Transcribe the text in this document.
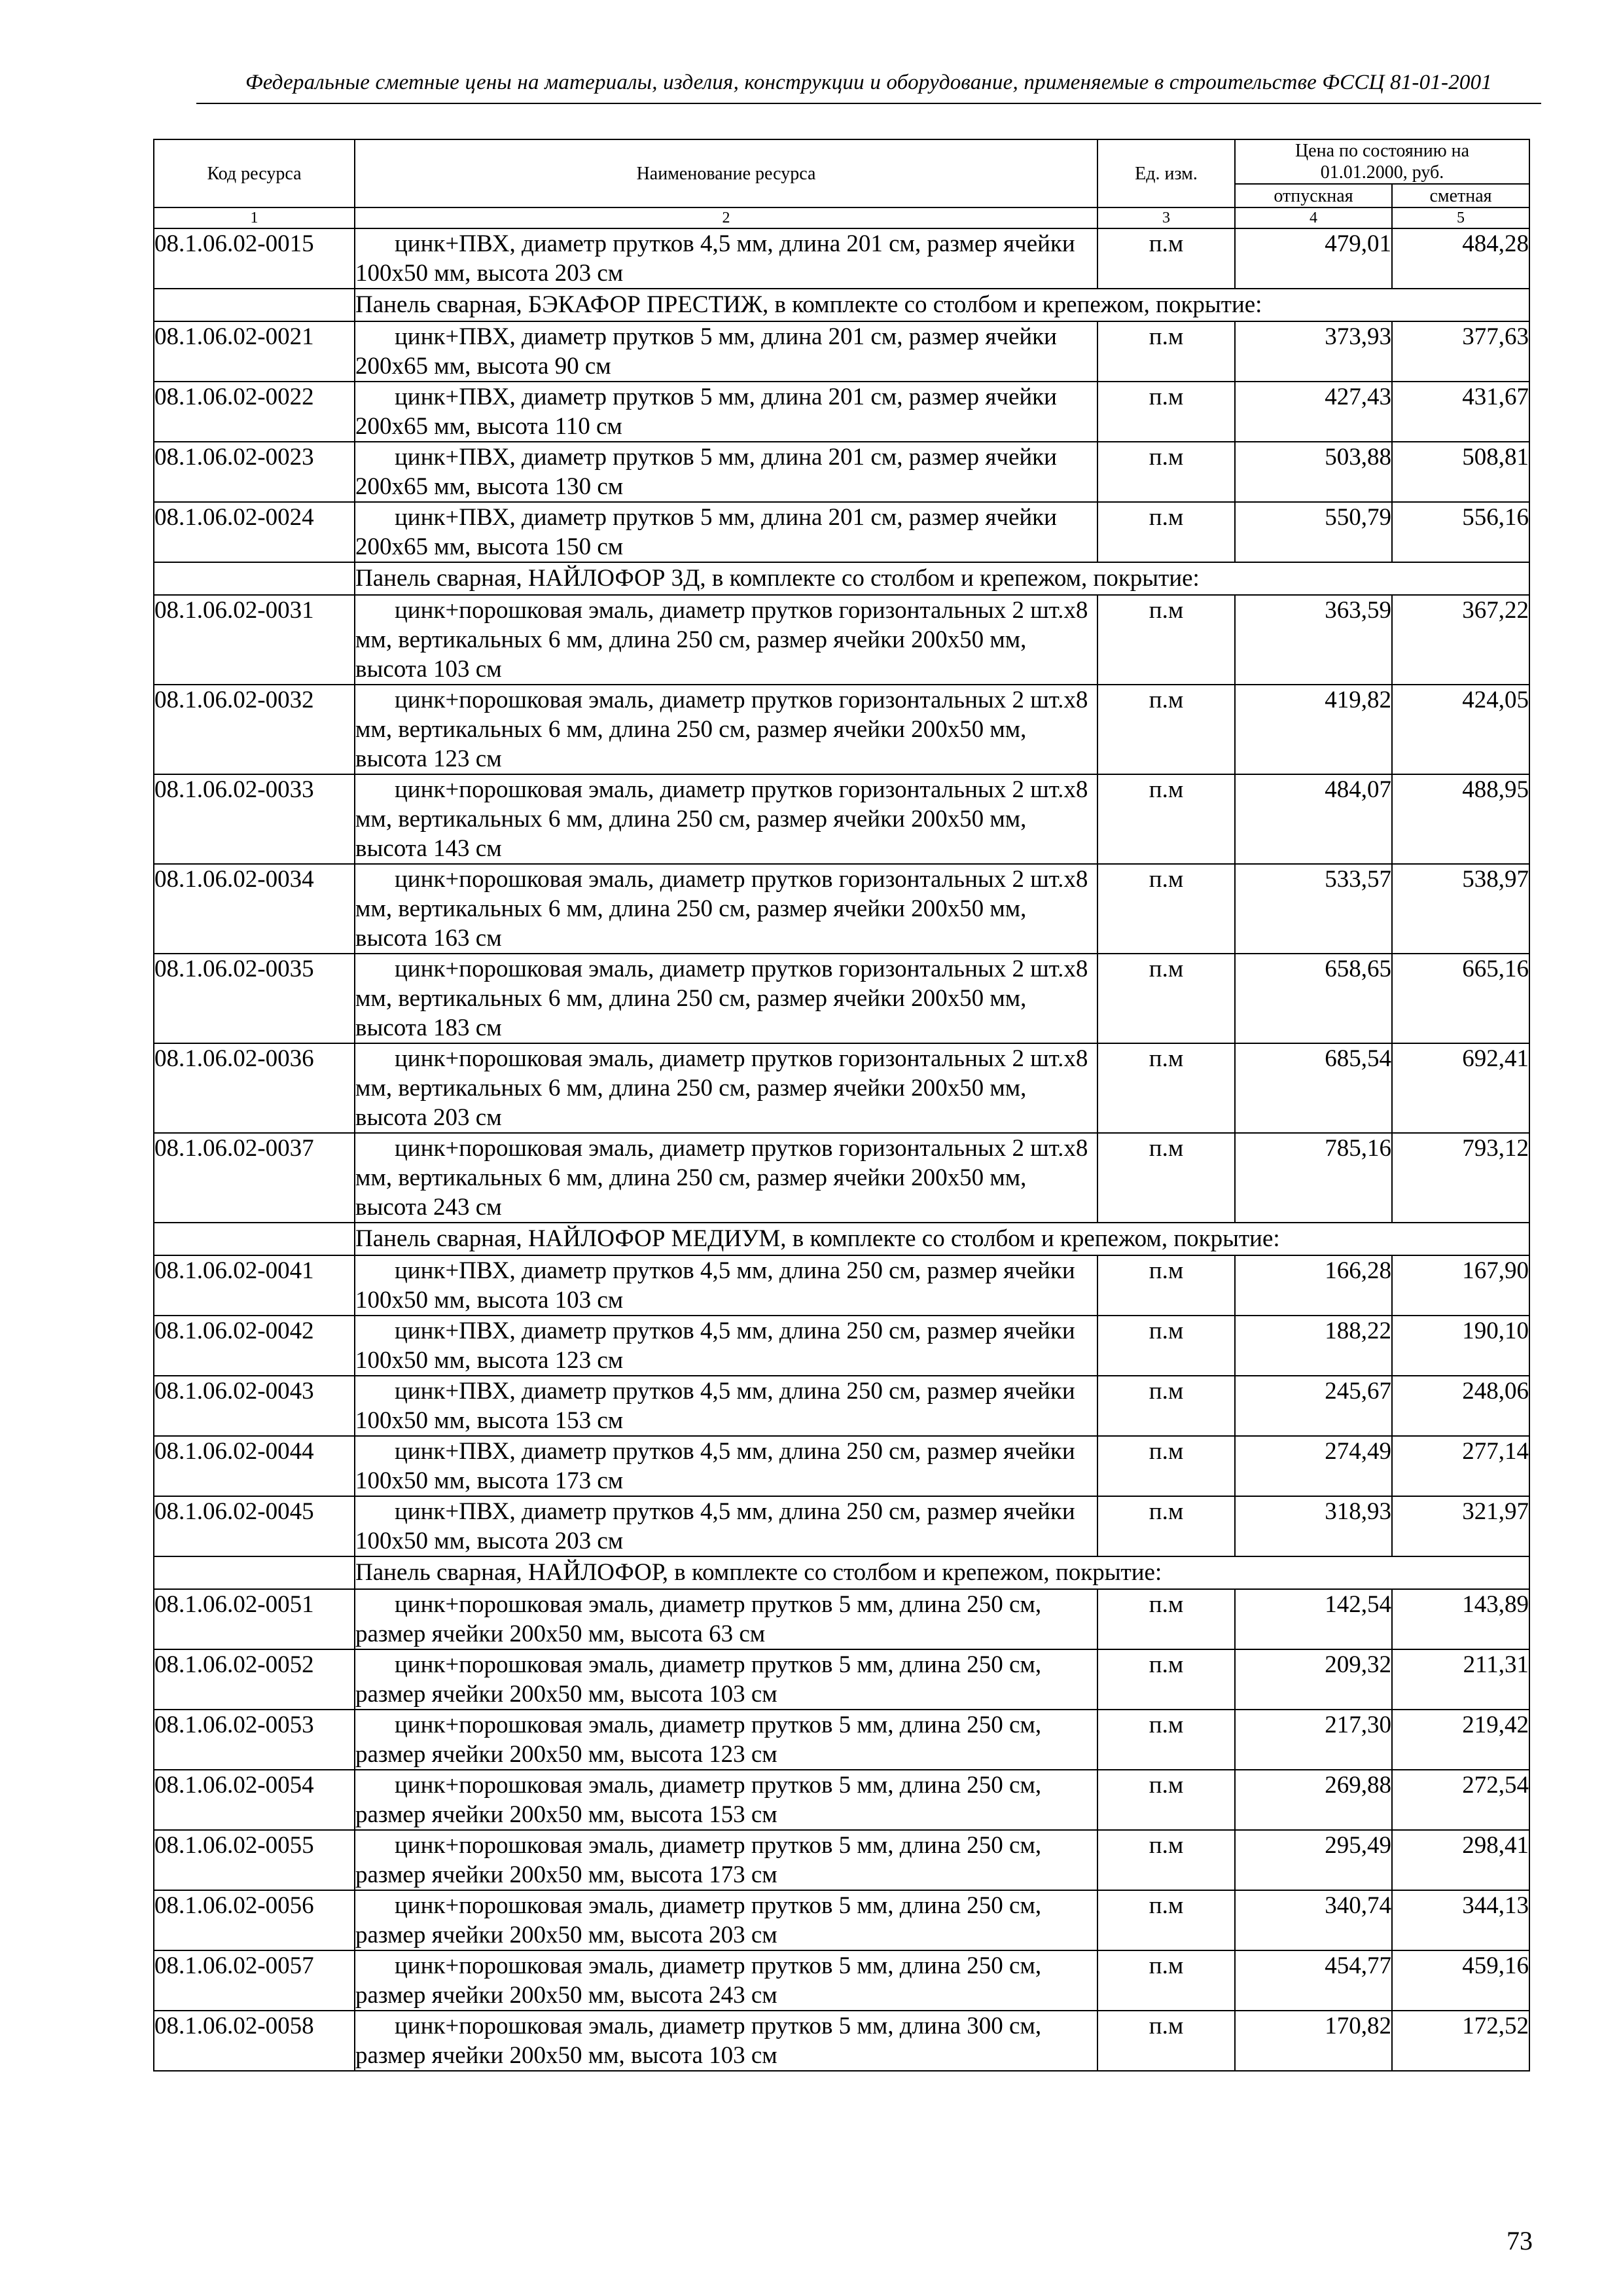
Федеральные сметные цены на материалы, изделия, конструкции и оборудование, применяемые в строительстве ФССЦ 81-01-2001
Код ресурса	Наименование ресурса	Ед. изм.	Цена по состоянию на 01.01.2000, руб.	

			отпускная	сметная
1	2	3	4	5
08.1.06.02-0015	цинк+ПВХ, диаметр прутков 4,5 мм, длина 201 см, размер ячейки 100х50 мм, высота 203 см	п.м	479,01	484,28
	Панель сварная, БЭКАФОР ПРЕСТИЖ, в комплекте со столбом и крепежом, покрытие:			
08.1.06.02-0021	цинк+ПВХ, диаметр прутков 5 мм, длина 201 см, размер ячейки 200х65 мм, высота 90 см	п.м	373,93	377,63
08.1.06.02-0022	цинк+ПВХ, диаметр прутков 5 мм, длина 201 см, размер ячейки 200х65 мм, высота 110 см	п.м	427,43	431,67
08.1.06.02-0023	цинк+ПВХ, диаметр прутков 5 мм, длина 201 см, размер ячейки 200х65 мм, высота 130 см	п.м	503,88	508,81
08.1.06.02-0024	цинк+ПВХ, диаметр прутков 5 мм, длина 201 см, размер ячейки 200х65 мм, высота 150 см	п.м	550,79	556,16
	Панель сварная, НАЙЛОФОР 3Д, в комплекте со столбом и крепежом, покрытие:			
08.1.06.02-0031	цинк+порошковая эмаль, диаметр прутков горизонтальных 2 шт.х8 мм, вертикальных 6 мм, длина 250 см, размер ячейки 200х50 мм, высота 103 см	п.м	363,59	367,22
08.1.06.02-0032	цинк+порошковая эмаль, диаметр прутков горизонтальных 2 шт.х8 мм, вертикальных 6 мм, длина 250 см, размер ячейки 200х50 мм, высота 123 см	п.м	419,82	424,05
08.1.06.02-0033	цинк+порошковая эмаль, диаметр прутков горизонтальных 2 шт.х8 мм, вертикальных 6 мм, длина 250 см, размер ячейки 200х50 мм, высота 143 см	п.м	484,07	488,95
08.1.06.02-0034	цинк+порошковая эмаль, диаметр прутков горизонтальных 2 шт.х8 мм, вертикальных 6 мм, длина 250 см, размер ячейки 200х50 мм, высота 163 см	п.м	533,57	538,97
08.1.06.02-0035	цинк+порошковая эмаль, диаметр прутков горизонтальных 2 шт.х8 мм, вертикальных 6 мм, длина 250 см, размер ячейки 200х50 мм, высота 183 см	п.м	658,65	665,16
08.1.06.02-0036	цинк+порошковая эмаль, диаметр прутков горизонтальных 2 шт.х8 мм, вертикальных 6 мм, длина 250 см, размер ячейки 200х50 мм, высота 203 см	п.м	685,54	692,41
08.1.06.02-0037	цинк+порошковая эмаль, диаметр прутков горизонтальных 2 шт.х8 мм, вертикальных 6 мм, длина 250 см, размер ячейки 200х50 мм, высота 243 см	п.м	785,16	793,12
	Панель сварная, НАЙЛОФОР МЕДИУМ, в комплекте со столбом и крепежом, покрытие:			
08.1.06.02-0041	цинк+ПВХ, диаметр прутков 4,5 мм, длина 250 см, размер ячейки 100х50 мм, высота 103 см	п.м	166,28	167,90
08.1.06.02-0042	цинк+ПВХ, диаметр прутков 4,5 мм, длина 250 см, размер ячейки 100х50 мм, высота 123 см	п.м	188,22	190,10
08.1.06.02-0043	цинк+ПВХ, диаметр прутков 4,5 мм, длина 250 см, размер ячейки 100х50 мм, высота 153 см	п.м	245,67	248,06
08.1.06.02-0044	цинк+ПВХ, диаметр прутков 4,5 мм, длина 250 см, размер ячейки 100х50 мм, высота 173 см	п.м	274,49	277,14
08.1.06.02-0045	цинк+ПВХ, диаметр прутков 4,5 мм, длина 250 см, размер ячейки 100х50 мм, высота 203 см	п.м	318,93	321,97
	Панель сварная, НАЙЛОФОР, в комплекте со столбом и крепежом, покрытие:			
08.1.06.02-0051	цинк+порошковая эмаль, диаметр прутков 5 мм, длина 250 см, размер ячейки 200х50 мм, высота 63 см	п.м	142,54	143,89
08.1.06.02-0052	цинк+порошковая эмаль, диаметр прутков 5 мм, длина 250 см, размер ячейки 200х50 мм, высота 103 см	п.м	209,32	211,31
08.1.06.02-0053	цинк+порошковая эмаль, диаметр прутков 5 мм, длина 250 см, размер ячейки 200х50 мм, высота 123 см	п.м	217,30	219,42
08.1.06.02-0054	цинк+порошковая эмаль, диаметр прутков 5 мм, длина 250 см, размер ячейки 200х50 мм, высота 153 см	п.м	269,88	272,54
08.1.06.02-0055	цинк+порошковая эмаль, диаметр прутков 5 мм, длина 250 см, размер ячейки 200х50 мм, высота 173 см	п.м	295,49	298,41
08.1.06.02-0056	цинк+порошковая эмаль, диаметр прутков 5 мм, длина 250 см, размер ячейки 200х50 мм, высота 203 см	п.м	340,74	344,13
08.1.06.02-0057	цинк+порошковая эмаль, диаметр прутков 5 мм, длина 250 см, размер ячейки 200х50 мм, высота 243 см	п.м	454,77	459,16
08.1.06.02-0058	цинк+порошковая эмаль, диаметр прутков 5 мм, длина 300 см, размер ячейки 200х50 мм, высота 103 см	п.м	170,82	172,52
73
